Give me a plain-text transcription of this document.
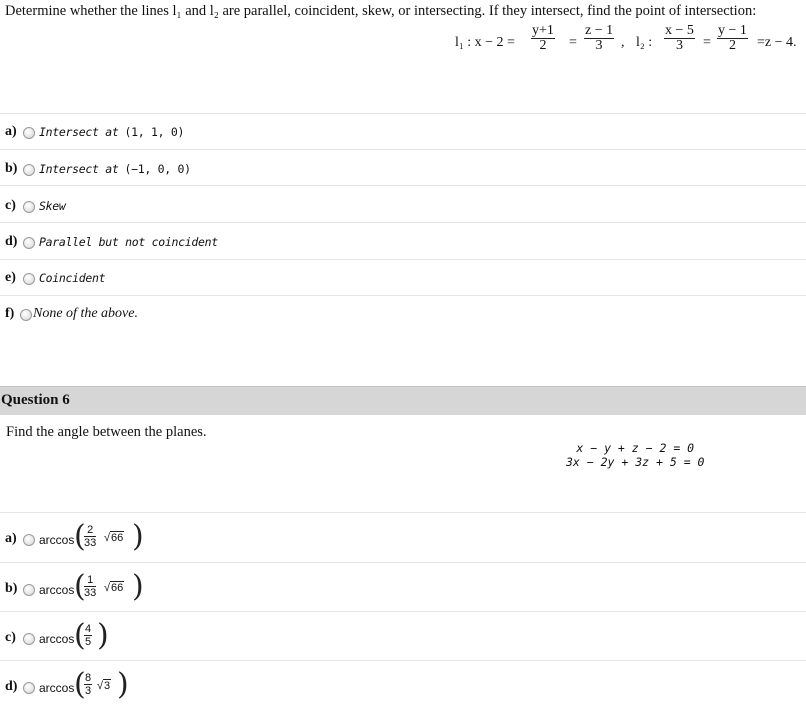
Determine whether the lines l₁ and l₂ are parallel, coincident, skew, or intersecting. If they intersect, find the point of intersection:
l₁ : $x - 2 = \frac{y+1}{2} = \frac{z - 1}{3}$ , l₂ : $\frac{x - 5}{3} = \frac{y - 1}{2} =z - 4$.
a) Intersect at (1, 1, 0)
b) Intersect at (−1, 0, 0)
c) Skew
d) Parallel but not coincident
e) Coincident
f) None of the above.
Question 6
Find the angle between the planes.
x − y + z − 2 = 0
3x − 2y + 3z + 5 = 0
a) arccos (
$\frac{2}{33} √66$ )
b) arccos (
$\frac{1}{33} √66$ )
c) arccos (
$\frac{4}{5}$ )
d) arccos (
$\frac{8}{3} √3$ )
